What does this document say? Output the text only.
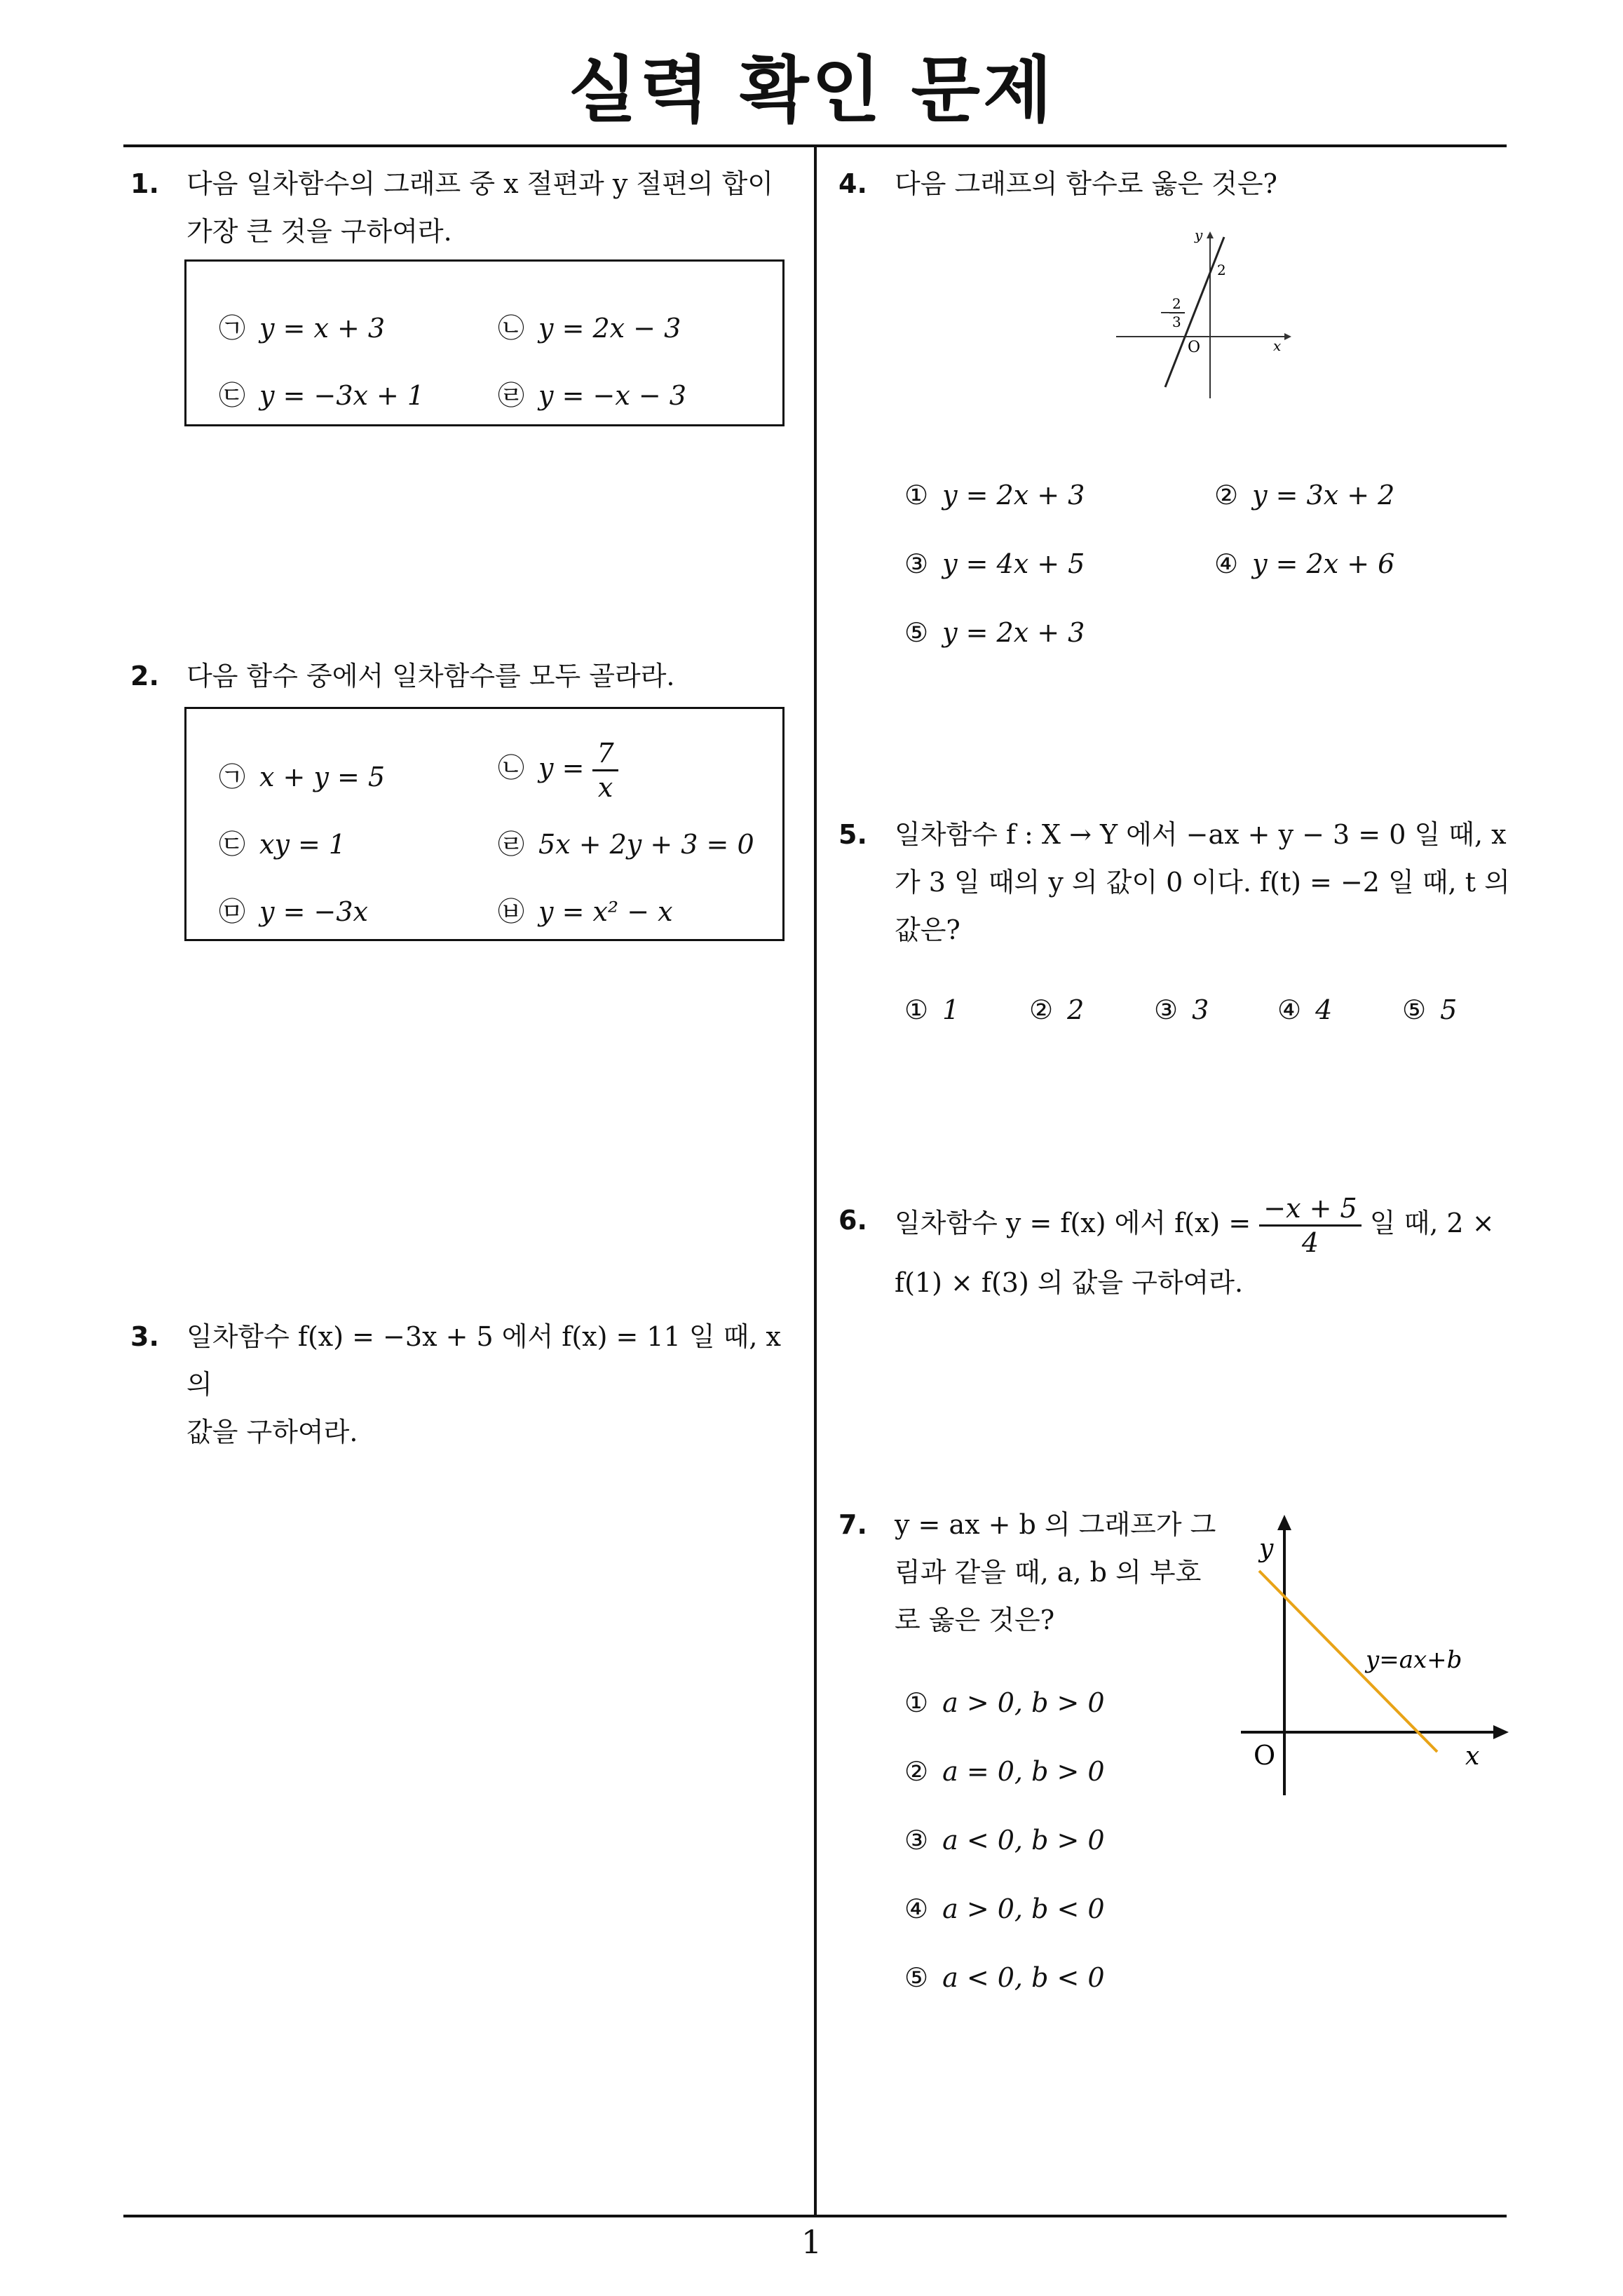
실력 확인 문제
1. 다음 일차함수의 그래프 중 x 절편과 y 절편의 합이
가장 큰 것을 구하여라.
㉠ y = x + 3	㉡ y = 2x − 3
㉢ y = −3x + 1	㉣ y = −x − 3
2. 다음 함수 중에서 일차함수를 모두 골라라.
㉠ x + y = 5	㉡ $y = \frac{7}{x}$
㉢ xy = 1	㉣ 5x + 2y + 3 = 0
㉤ y = −3x	㉥ y = x² − x
3. 일차함수 f(x) = −3x + 5 에서 f(x) = 11 일 때, x 의
값을 구하여라.
4. 다음 그래프의 함수로 옳은 것은?
y
x
O
2
− 2
3
① y = 2x + 3	② y = 3x + 2
③ y = 4x + 5	④ y = 2x + 6
⑤ y = 2x + 3
5. 일차함수 f : X → Y 에서 −ax + y − 3 = 0 일 때, x
가 3 일 때의 y 의 값이 0 이다. f(t) = −2 일 때, t 의
값은?
① 1	② 2	③ 3	④ 4	⑤ 5
6. 일차함수 y = f(x) 에서 $f(x) = \frac{-x + 5}{4}$ 일 때, 2 ×
f(1) × f(3) 의 값을 구하여라.
7. y = ax + b 의 그래프가 그
림과 같을 때, a, b 의 부호
로 옳은 것은?
y
x
O
y=ax+b
① a > 0, b > 0
② a = 0, b > 0
③ a < 0, b > 0
④ a > 0, b < 0
⑤ a < 0, b < 0
1
